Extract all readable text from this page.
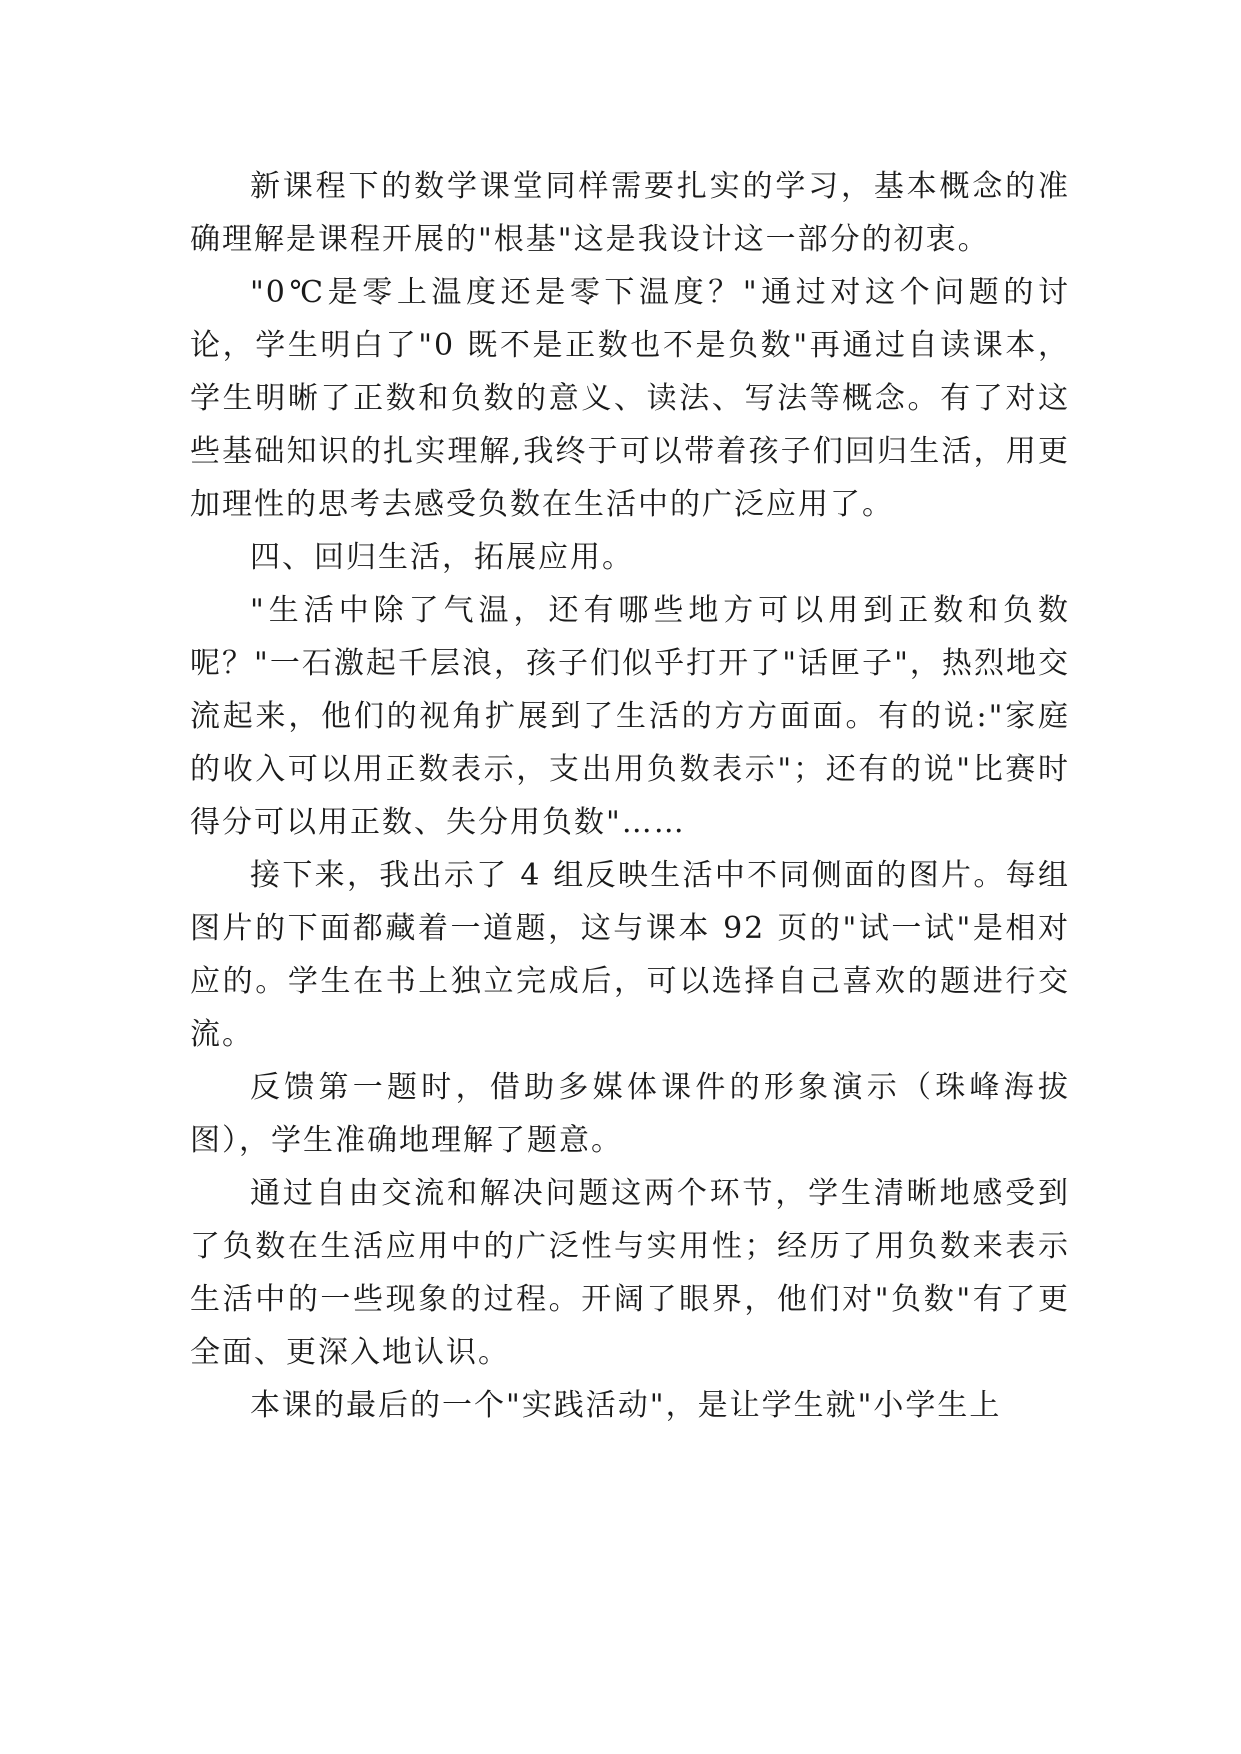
新课程下的数学课堂同样需要扎实的学习，基本概念的准确理解是课程开展的"根基"这是我设计这一部分的初衷。

"0℃是零上温度还是零下温度？"通过对这个问题的讨论，学生明白了"0 既不是正数也不是负数"再通过自读课本，学生明晰了正数和负数的意义、读法、写法等概念。有了对这些基础知识的扎实理解,我终于可以带着孩子们回归生活，用更加理性的思考去感受负数在生活中的广泛应用了。

四、回归生活，拓展应用。

"生活中除了气温，还有哪些地方可以用到正数和负数呢？"一石激起千层浪，孩子们似乎打开了"话匣子"，热烈地交流起来，他们的视角扩展到了生活的方方面面。有的说:"家庭的收入可以用正数表示，支出用负数表示"；还有的说"比赛时得分可以用正数、失分用负数"……

接下来，我出示了 4 组反映生活中不同侧面的图片。每组图片的下面都藏着一道题，这与课本 92 页的"试一试"是相对应的。学生在书上独立完成后，可以选择自己喜欢的题进行交流。

反馈第一题时，借助多媒体课件的形象演示（珠峰海拔图），学生准确地理解了题意。

通过自由交流和解决问题这两个环节，学生清晰地感受到了负数在生活应用中的广泛性与实用性；经历了用负数来表示生活中的一些现象的过程。开阔了眼界，他们对"负数"有了更全面、更深入地认识。

本课的最后的一个"实践活动"，是让学生就"小学生上
